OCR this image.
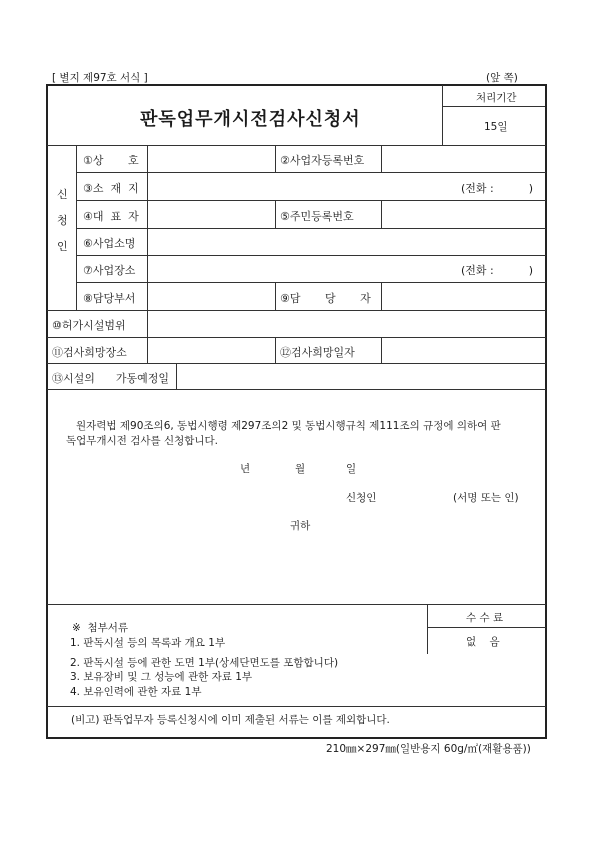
[ 별지 제97호 서식 ]	(앞 쪽)
판독업무개시전검사신청서
처리기간
15일
신

청

인
①상       호	②사업자등록번호
③소  재  지	(전화 :          )
④대  표  자	⑤주민등록번호
⑥사업소명
⑦사업장소	(전화 :          )
⑧담당부서	⑨담       당       자
⑩허가시설범위
⑪검사희망장소	⑫검사희망일자
⑬시설의      가동예정일
원자력법 제90조의6, 동법시행령 제297조의2 및 동법시행규칙 제111조의 규정에 의하여 판
독업무개시전 검사를 신청합니다.
년	월	일
신청인	(서명 또는 인)
귀하
※  첨부서류
1. 판독시설 등의 목록과 개요 1부
2. 판독시설 등에 관한 도면 1부(상세단면도를 포함합니다)
3. 보유장비 및 그 성능에 관한 자료 1부
4. 보유인력에 관한 자료 1부
수 수 료
없    음
(비고) 판독업무자 등록신청시에 이미 제출된 서류는 이를 제외합니다.
210㎜×297㎜(일반용지 60g/㎡(재활용품))
